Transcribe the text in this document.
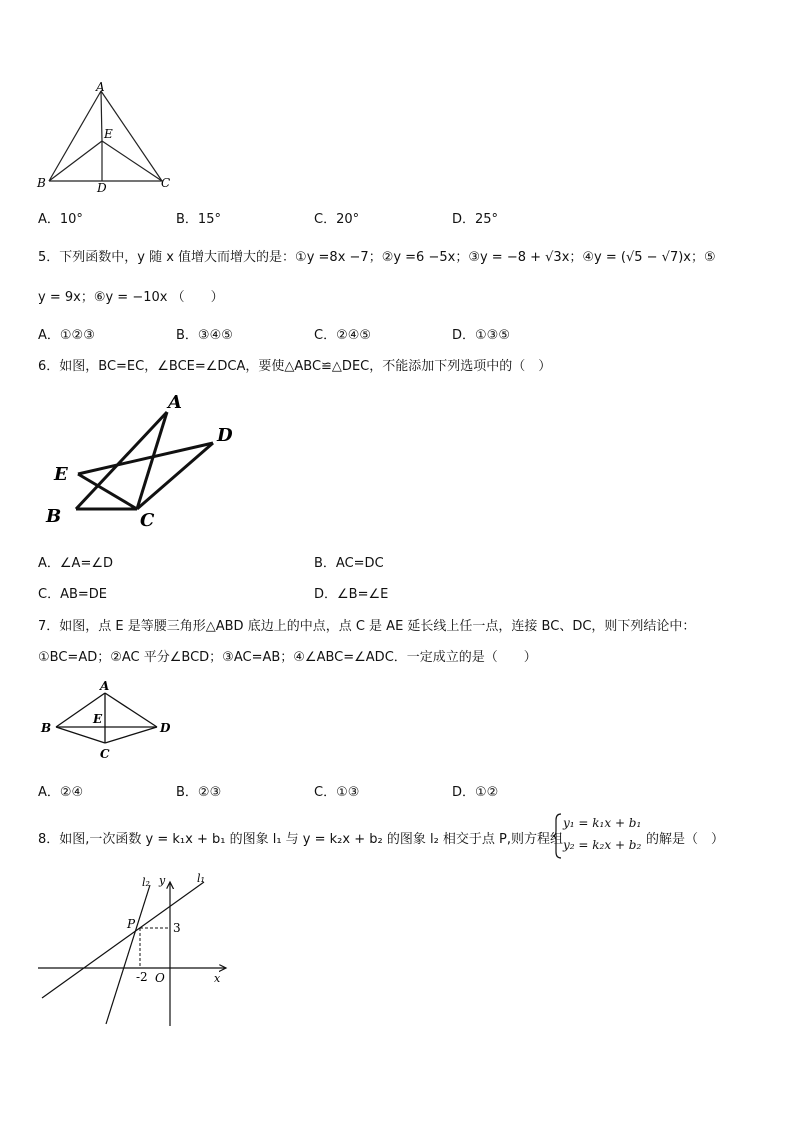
A
E
B	D	C
A．10°	B．15°	C．20°	D．25°
5．下列函数中，y 随 x 值增大而增大的是：①y =8x −7；②y =6 −5x；③y = −8 + √3x；④y = (√5 − √7)x；⑤
y = 9x；⑥y = −10x （　　）
A．①②③	B．③④⑤	C．②④⑤	D．①③⑤
6．如图，BC=EC，∠BCE=∠DCA，要使△ABC≌△DEC，不能添加下列选项中的（　）
A
D
E
B	C
A．∠A=∠D	B．AC=DC
C．AB=DE	D．∠B=∠E
7．如图，点 E 是等腰三角形△ABD 底边上的中点，点 C 是 AE 延长线上任一点，连接 BC、DC，则下列结论中：
①BC=AD；②AC 平分∠BCD；③AC=AB；④∠ABC=∠ADC．一定成立的是（　　）
A
E
B	D
C
A．②④	B．②③	C．①③	D．①②
8．如图,一次函数 y = k₁x + b₁ 的图象 l₁ 与 y = k₂x + b₂ 的图象 l₂ 相交于点 P,则方程组
y₁ = k₁x + b₁
y₂ = k₂x + b₂ 的解是（　）
l₂ y	l₁
P	3
-2 O	x
